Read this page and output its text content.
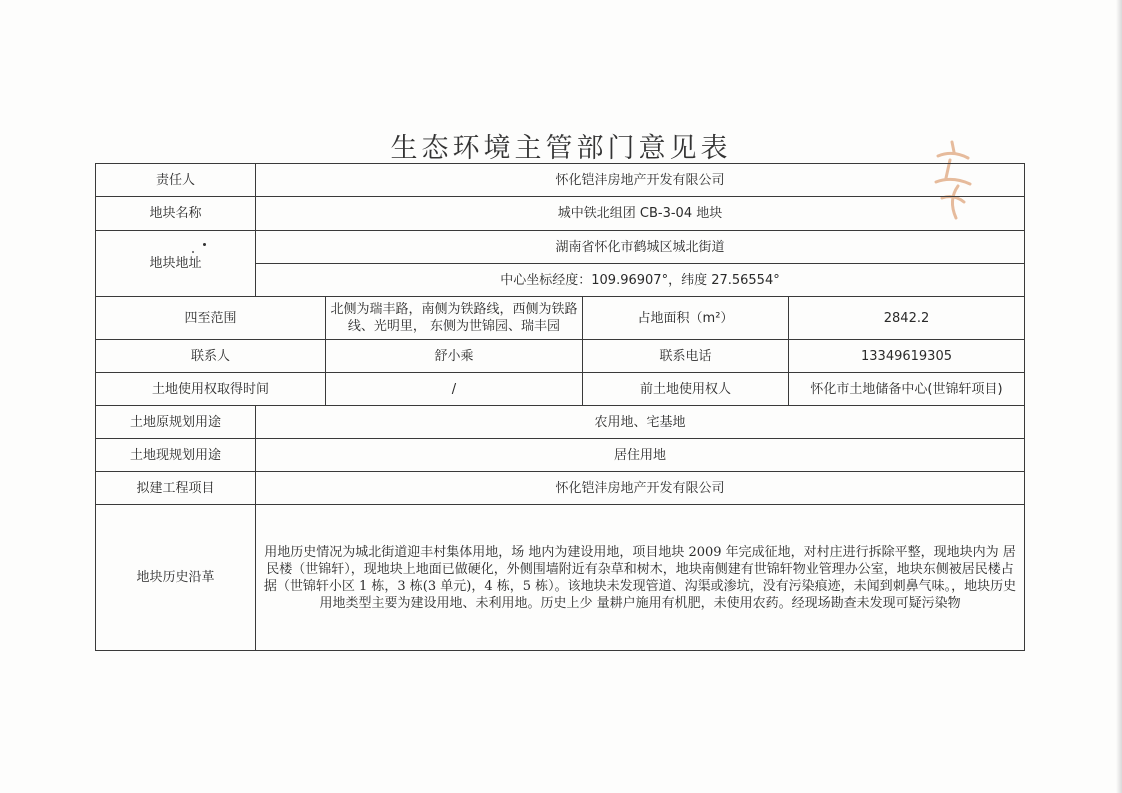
生态环境主管部门意见表
责任人	怀化铠沣房地产开发有限公司			
地块名称	城中铁北组团 CB-3-04 地块			
地块地址	湖南省怀化市鹤城区城北街道			
	中心坐标经度：109.96907°，纬度 27.56554°			
四至范围		北侧为瑞丰路，南侧为铁路线，西侧为铁路线、光明里， 东侧为世锦园、瑞丰园	占地面积（m²）	2842.2
联系人		舒小乘	联系电话	13349619305
土地使用权取得时间		/	前土地使用权人	怀化市土地储备中心(世锦轩项目)
土地原规划用途	农用地、宅基地			
土地现规划用途	居住用地			
拟建工程项目	怀化铠沣房地产开发有限公司			
地块历史沿革	用地历史情况为城北街道迎丰村集体用地，场 地内为建设用地，项目地块 2009 年完成征地，对村庄进行拆除平整，现地块内为 居民楼（世锦轩），现地块上地面已做硬化，外侧围墙附近有杂草和树木，地块南侧建有世锦轩物业管理办公室，地块东侧被居民楼占据（世锦轩小区 1 栋，3 栋(3 单元)，4 栋，5 栋）。该地块未发现管道、沟渠或渗坑，没有污染痕迹，未闻到刺鼻气味。，地块历史用地类型主要为建设用地、未利用地。历史上少 量耕户施用有机肥，未使用农药。经现场勘查未发现可疑污染物			
